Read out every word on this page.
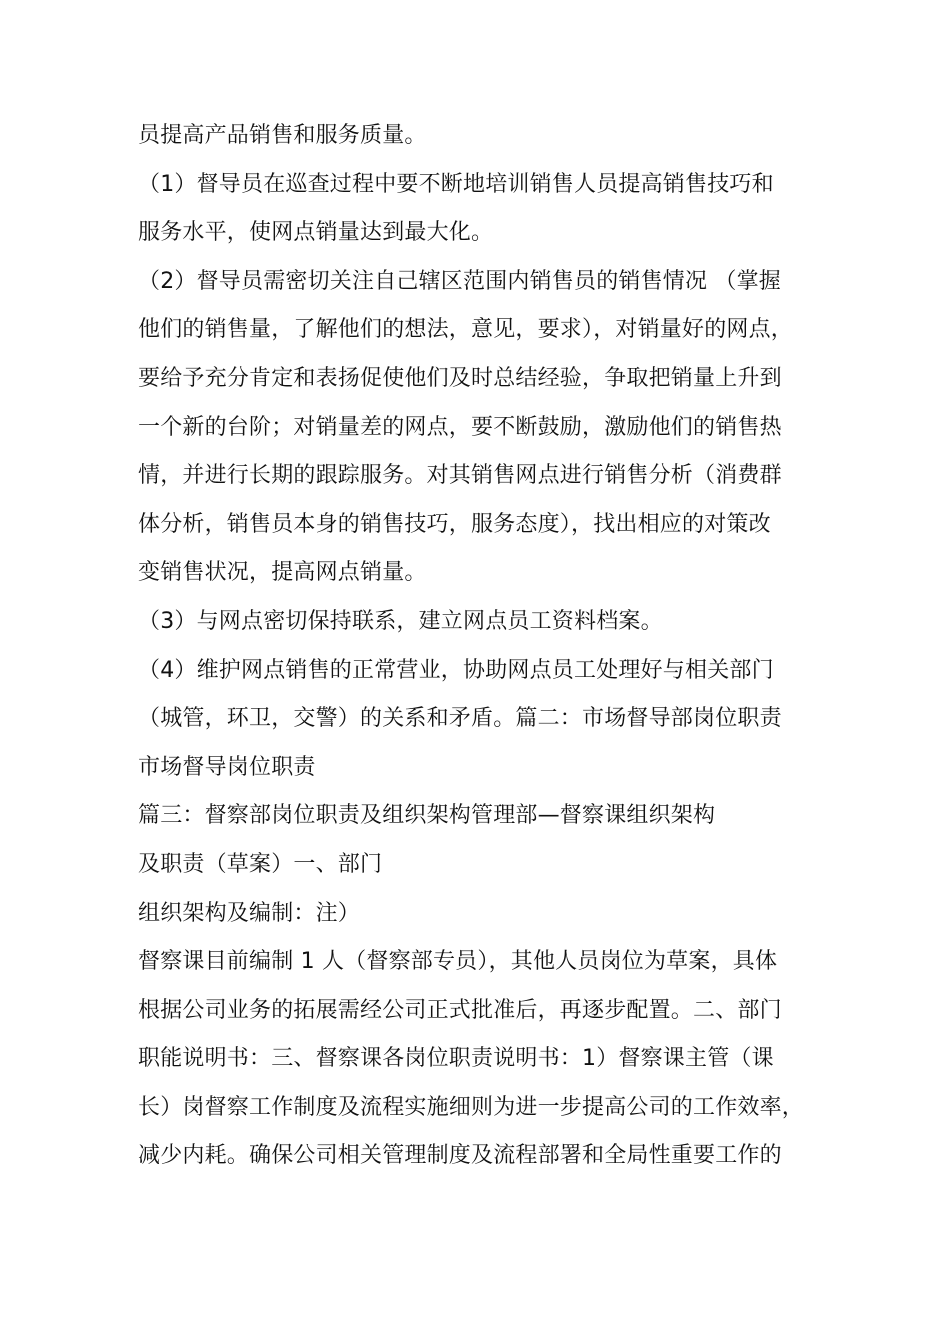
员提高产品销售和服务质量。
（1）督导员在巡查过程中要不断地培训销售人员提高销售技巧和
服务水平，使网点销量达到最大化。
（2）督导员需密切关注自己辖区范围内销售员的销售情况 （掌握
他们的销售量，了解他们的想法，意见，要求），对销量好的网点，
要给予充分肯定和表扬促使他们及时总结经验，争取把销量上升到
一个新的台阶；对销量差的网点，要不断鼓励，激励他们的销售热
情，并进行长期的跟踪服务。对其销售网点进行销售分析（消费群
体分析，销售员本身的销售技巧，服务态度），找出相应的对策改
变销售状况，提高网点销量。
（3）与网点密切保持联系，建立网点员工资料档案。
（4）维护网点销售的正常营业，协助网点员工处理好与相关部门
（城管，环卫，交警）的关系和矛盾。篇二：市场督导部岗位职责
市场督导岗位职责
篇三：督察部岗位职责及组织架构管理部—督察课组织架构
及职责（草案）一、部门
组织架构及编制：注）
督察课目前编制 1 人（督察部专员），其他人员岗位为草案，具体
根据公司业务的拓展需经公司正式批准后，再逐步配置。二、部门
职能说明书：三、督察课各岗位职责说明书：1）督察课主管（课
长）岗督察工作制度及流程实施细则为进一步提高公司的工作效率，
减少内耗。确保公司相关管理制度及流程部署和全局性重要工作的
